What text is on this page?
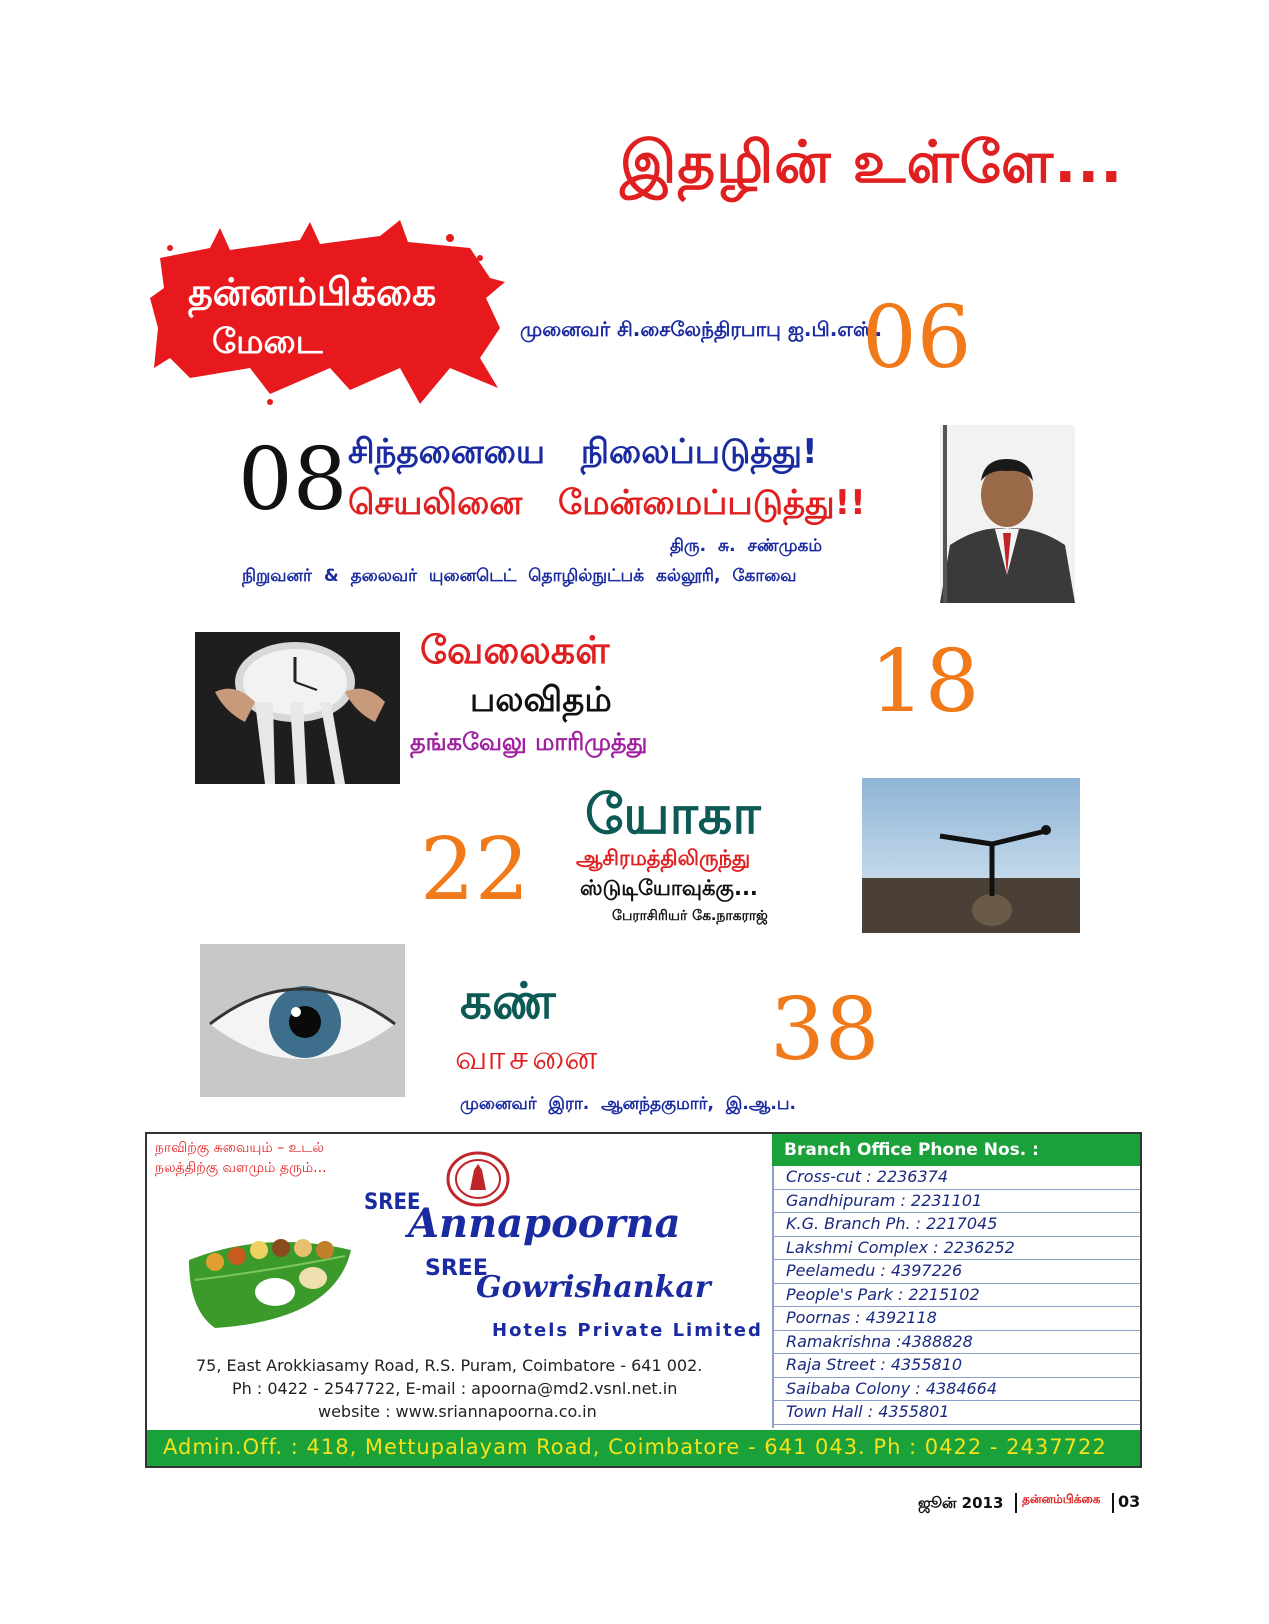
இதழின் உள்ளே...
தன்னம்பிக்கை
மேடை	முனைவர் சி.சைலேந்திரபாபு ஐ.பி.எஸ்.
06
08 சிந்தனையை நிலைப்படுத்து!
செயலினை மேன்மைப்படுத்து!!
திரு. சு. சண்முகம்
நிறுவனர் & தலைவர் யுனைடெட் தொழில்நுட்பக் கல்லூரி, கோவை
வேலைகள்
பலவிதம்
தங்கவேலு மாரிமுத்து
18
22
யோகா
ஆசிரமத்திலிருந்து
ஸ்டுடியோவுக்கு...
பேராசிரியர் கே.நாகராஜ்
கண்
வாசனை 38
முனைவர் இரா. ஆனந்தகுமார், இ.ஆ.ப.
நாவிற்கு சுவையும் – உடல்
நலத்திற்கு வளமும் தரும்...
SREE
Annapoorna
SREE
Gowrishankar
Hotels Private Limited
75, East Arokkiasamy Road, R.S. Puram, Coimbatore - 641 002.
Ph : 0422 - 2547722, E-mail : apoorna@md2.vsnl.net.in
website : www.sriannapoorna.co.in
Branch Office Phone Nos. :
Cross-cut : 2236374
Gandhipuram : 2231101
K.G. Branch Ph. : 2217045
Lakshmi Complex : 2236252
Peelamedu : 4397226
People's Park : 2215102
Poornas : 4392118
Ramakrishna :4388828
Raja Street : 4355810
Saibaba Colony : 4384664
Town Hall : 4355801
Admin.Off. : 418, Mettupalayam Road, Coimbatore - 641 043. Ph : 0422 - 2437722
ஜூன் 2013 தன்னம்பிக்கை 03
